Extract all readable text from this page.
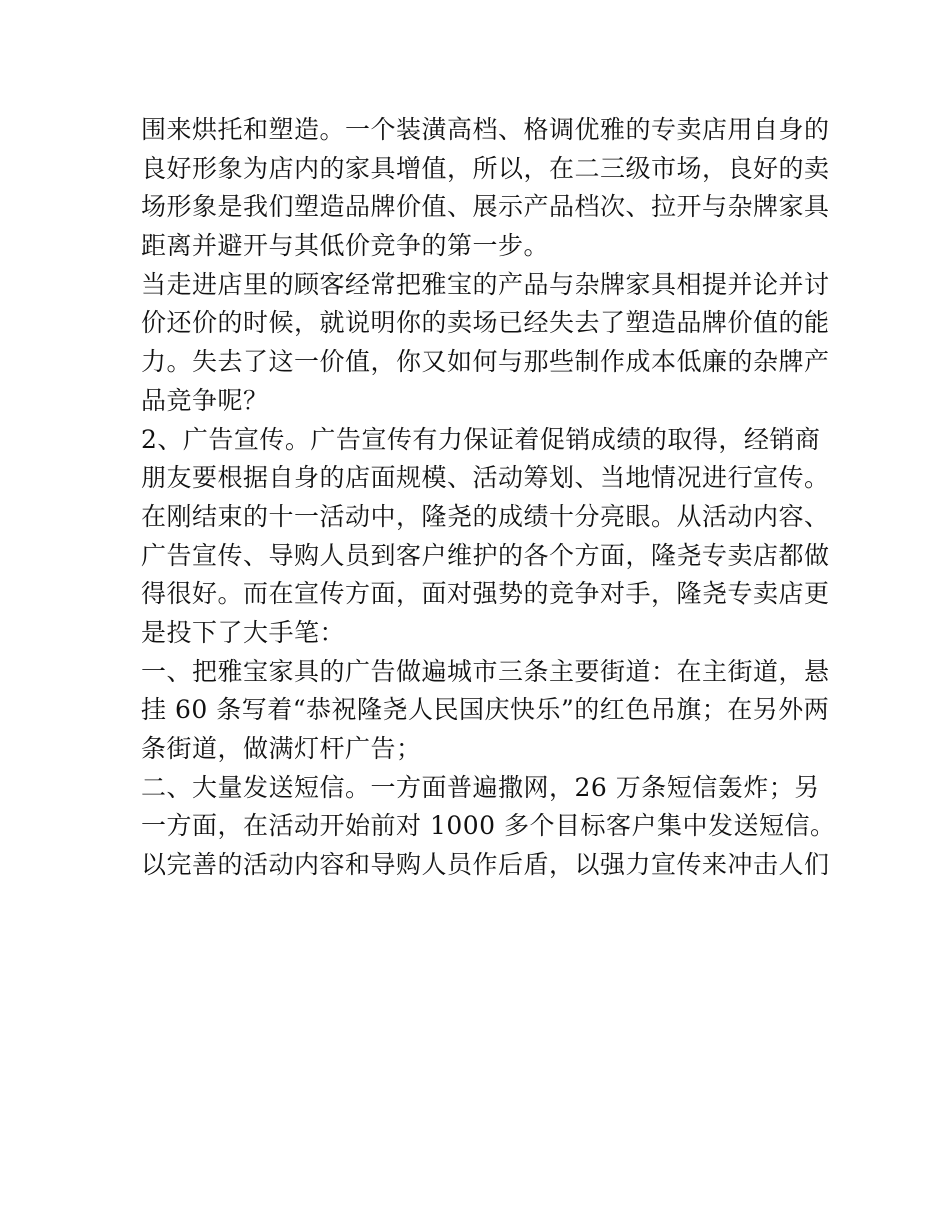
围来烘托和塑造。一个装潢高档、格调优雅的专卖店用自身的
良好形象为店内的家具增值，所以，在二三级市场，良好的卖
场形象是我们塑造品牌价值、展示产品档次、拉开与杂牌家具
距离并避开与其低价竞争的第一步。
当走进店里的顾客经常把雅宝的产品与杂牌家具相提并论并讨
价还价的时候，就说明你的卖场已经失去了塑造品牌价值的能
力。失去了这一价值，你又如何与那些制作成本低廉的杂牌产
品竞争呢？
2、广告宣传。广告宣传有力保证着促销成绩的取得，经销商
朋友要根据自身的店面规模、活动筹划、当地情况进行宣传。
在刚结束的十一活动中，隆尧的成绩十分亮眼。从活动内容、
广告宣传、导购人员到客户维护的各个方面，隆尧专卖店都做
得很好。而在宣传方面，面对强势的竞争对手，隆尧专卖店更
是投下了大手笔：
一、把雅宝家具的广告做遍城市三条主要街道：在主街道，悬
挂 60 条写着“恭祝隆尧人民国庆快乐”的红色吊旗；在另外两
条街道，做满灯杆广告；
二、大量发送短信。一方面普遍撒网，26 万条短信轰炸；另
一方面，在活动开始前对 1000 多个目标客户集中发送短信。
以完善的活动内容和导购人员作后盾，以强力宣传来冲击人们
